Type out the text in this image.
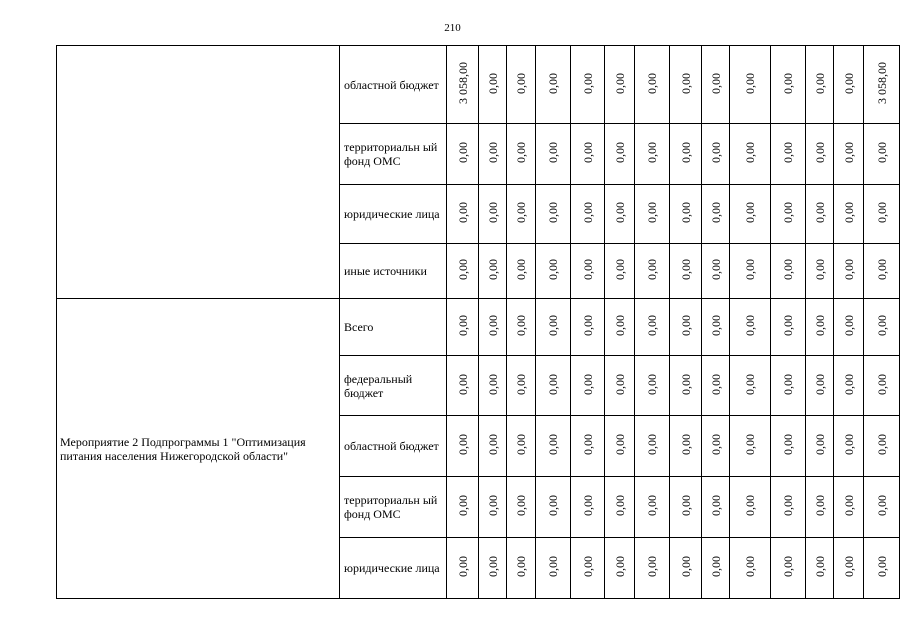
210
	областной бюджет	3 058,00	0,00	0,00	0,00	0,00	0,00	0,00	0,00	0,00	0,00	0,00	0,00	0,00	3 058,00
	территориальн ый фонд ОМС	0,00	0,00	0,00	0,00	0,00	0,00	0,00	0,00	0,00	0,00	0,00	0,00	0,00	0,00
	юридические лица	0,00	0,00	0,00	0,00	0,00	0,00	0,00	0,00	0,00	0,00	0,00	0,00	0,00	0,00
	иные источники	0,00	0,00	0,00	0,00	0,00	0,00	0,00	0,00	0,00	0,00	0,00	0,00	0,00	0,00
Мероприятие 2 Подпрограммы 1 "Оптимизация питания населения Нижегородской области"	Всего	0,00	0,00	0,00	0,00	0,00	0,00	0,00	0,00	0,00	0,00	0,00	0,00	0,00	0,00
	федеральный бюджет	0,00	0,00	0,00	0,00	0,00	0,00	0,00	0,00	0,00	0,00	0,00	0,00	0,00	0,00
	областной бюджет	0,00	0,00	0,00	0,00	0,00	0,00	0,00	0,00	0,00	0,00	0,00	0,00	0,00	0,00
	территориальн ый фонд ОМС	0,00	0,00	0,00	0,00	0,00	0,00	0,00	0,00	0,00	0,00	0,00	0,00	0,00	0,00
	юридические лица	0,00	0,00	0,00	0,00	0,00	0,00	0,00	0,00	0,00	0,00	0,00	0,00	0,00	0,00
